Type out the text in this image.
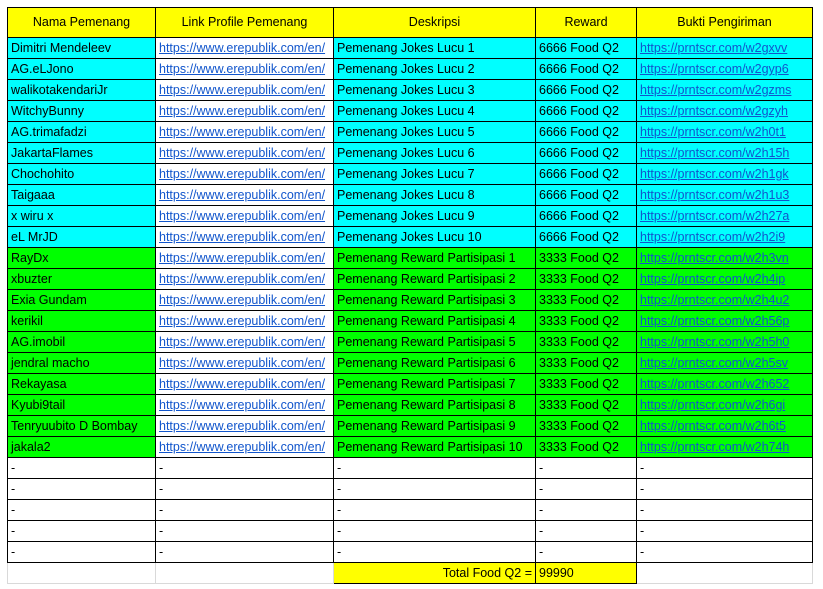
Nama Pemenang	Link Profile Pemenang	Deskripsi	Reward	Bukti Pengiriman
Dimitri Mendeleev	https://www.erepublik.com/en/	Pemenang Jokes Lucu 1	6666 Food Q2	https://prntscr.com/w2gxvv
AG.eLJono	https://www.erepublik.com/en/	Pemenang Jokes Lucu 2	6666 Food Q2	https://prntscr.com/w2gyp6
walikotakendariJr	https://www.erepublik.com/en/	Pemenang Jokes Lucu 3	6666 Food Q2	https://prntscr.com/w2gzms
WitchyBunny	https://www.erepublik.com/en/	Pemenang Jokes Lucu 4	6666 Food Q2	https://prntscr.com/w2gzyh
AG.trimafadzi	https://www.erepublik.com/en/	Pemenang Jokes Lucu 5	6666 Food Q2	https://prntscr.com/w2h0t1
JakartaFlames	https://www.erepublik.com/en/	Pemenang Jokes Lucu 6	6666 Food Q2	https://prntscr.com/w2h15h
Chochohito	https://www.erepublik.com/en/	Pemenang Jokes Lucu 7	6666 Food Q2	https://prntscr.com/w2h1gk
Taigaaa	https://www.erepublik.com/en/	Pemenang Jokes Lucu 8	6666 Food Q2	https://prntscr.com/w2h1u3
x wiru x	https://www.erepublik.com/en/	Pemenang Jokes Lucu 9	6666 Food Q2	https://prntscr.com/w2h27a
eL MrJD	https://www.erepublik.com/en/	Pemenang Jokes Lucu 10	6666 Food Q2	https://prntscr.com/w2h2i9
RayDx	https://www.erepublik.com/en/	Pemenang Reward Partisipasi 1	3333 Food Q2	https://prntscr.com/w2h3vn
xbuzter	https://www.erepublik.com/en/	Pemenang Reward Partisipasi 2	3333 Food Q2	https://prntscr.com/w2h4ip
Exia Gundam	https://www.erepublik.com/en/	Pemenang Reward Partisipasi 3	3333 Food Q2	https://prntscr.com/w2h4u2
kerikil	https://www.erepublik.com/en/	Pemenang Reward Partisipasi 4	3333 Food Q2	https://prntscr.com/w2h56p
AG.imobil	https://www.erepublik.com/en/	Pemenang Reward Partisipasi 5	3333 Food Q2	https://prntscr.com/w2h5h0
jendral macho	https://www.erepublik.com/en/	Pemenang Reward Partisipasi 6	3333 Food Q2	https://prntscr.com/w2h5sv
Rekayasa	https://www.erepublik.com/en/	Pemenang Reward Partisipasi 7	3333 Food Q2	https://prntscr.com/w2h652
Kyubi9tail	https://www.erepublik.com/en/	Pemenang Reward Partisipasi 8	3333 Food Q2	https://prntscr.com/w2h6gi
Tenryuubito D Bombay	https://www.erepublik.com/en/	Pemenang Reward Partisipasi 9	3333 Food Q2	https://prntscr.com/w2h6t5
jakala2	https://www.erepublik.com/en/	Pemenang Reward Partisipasi 10	3333 Food Q2	https://prntscr.com/w2h74h
-	-	-	-	-
-	-	-	-	-
-	-	-	-	-
-	-	-	-	-
-	-	-	-	-
		Total Food Q2 =	99990	
